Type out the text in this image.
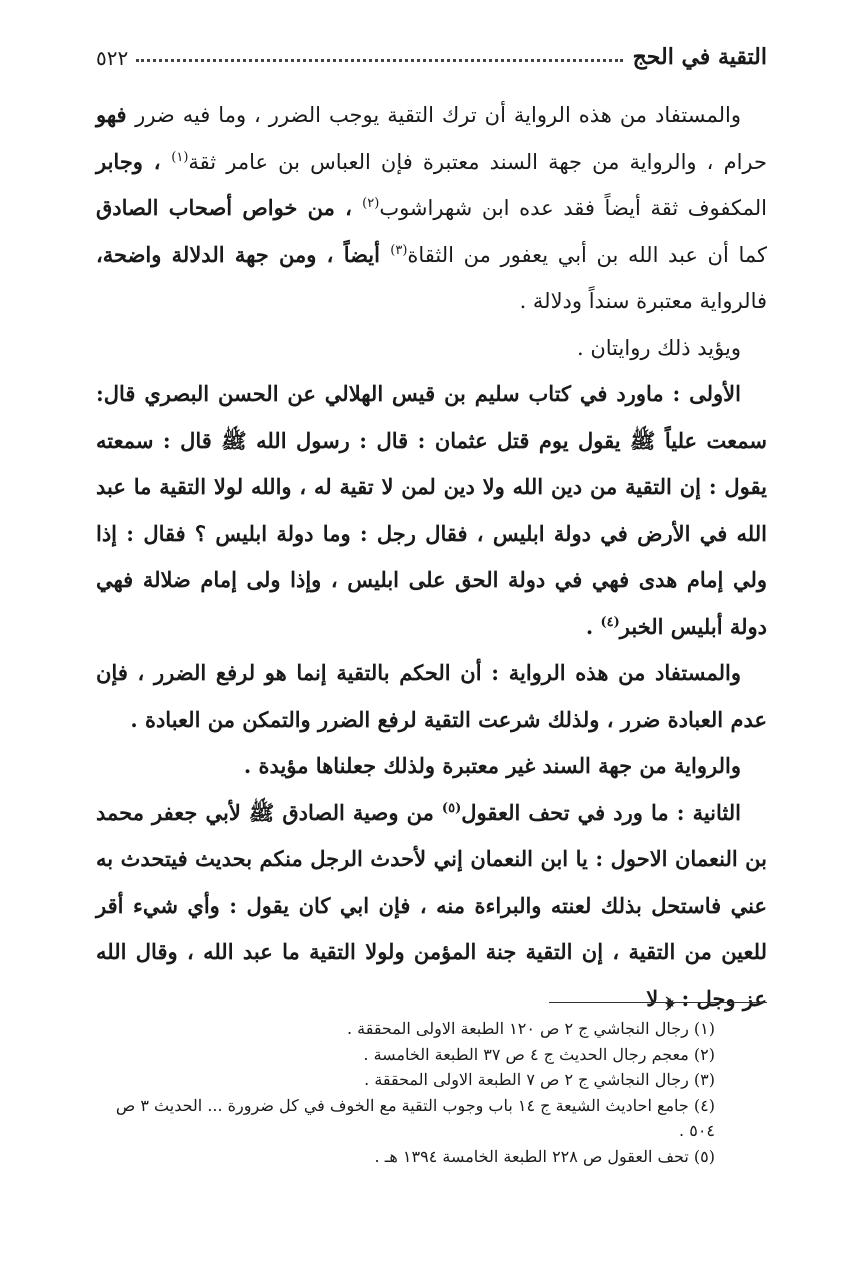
التقية في الحج
٥٢٢

والمستفاد من هذه الرواية أن ترك التقية يوجب الضرر ، وما فيه ضرر فهو حرام ، والرواية من جهة السند معتبرة فإن العباس بن عامر ثقة$^{(١)}$ ، وجابر المكفوف ثقة أيضاً فقد عده ابن شهراشوب$^{(٢)}$ ، من خواص أصحاب الصادق كما أن عبد الله بن أبي يعفور من الثقاة$^{(٣)}$ أيضاً ، ومن جهة الدلالة واضحة، فالرواية معتبرة سنداً ودلالة .

ويؤيد ذلك روايتان .

الأولى : ماورد في كتاب سليم بن قيس الهلالي عن الحسن البصري قال: سمعت علياً ﷺ يقول يوم قتل عثمان : قال : رسول الله ﷺ قال : سمعته يقول : إن التقية من دين الله ولا دين لمن لا تقية له ، والله لولا التقية ما عبد الله في الأرض في دولة ابليس ، فقال رجل : وما دولة ابليس ؟ فقال : إذا ولي إمام هدى فهي في دولة الحق على ابليس ، وإذا ولى إمام ضلالة فهي دولة أبليس الخبر$^{(٤)}$ .

والمستفاد من هذه الرواية : أن الحكم بالتقية إنما هو لرفع الضرر ، فإن عدم العبادة ضرر ، ولذلك شرعت التقية لرفع الضرر والتمكن من العبادة .

والرواية من جهة السند غير معتبرة ولذلك جعلناها مؤيدة .

الثانية : ما ورد في تحف العقول$^{(٥)}$ من وصية الصادق ﷺ لأبي جعفر محمد بن النعمان الاحول : يا ابن النعمان إني لأحدث الرجل منكم بحديث فيتحدث به عني فاستحل بذلك لعنته والبراءة منه ، فإن ابي كان يقول : وأي شيء أقر للعين من التقية ، إن التقية جنة المؤمن ولولا التقية ما عبد الله ، وقال الله عز وجل : ﴿ لا

(١) رجال النجاشي ج ٢ ص ١٢٠ الطبعة الاولى المحققة .
(٢) معجم رجال الحديث ج ٤ ص ٣٧ الطبعة الخامسة .
(٣) رجال النجاشي ج ٢ ص ٧ الطبعة الاولى المحققة .
(٤) جامع احاديث الشيعة ج ١٤ باب وجوب التقية مع الخوف في كل ضرورة ... الحديث ٣ ص ٥٠٤ .
(٥) تحف العقول ص ٢٢٨ الطبعة الخامسة ١٣٩٤ هـ .
